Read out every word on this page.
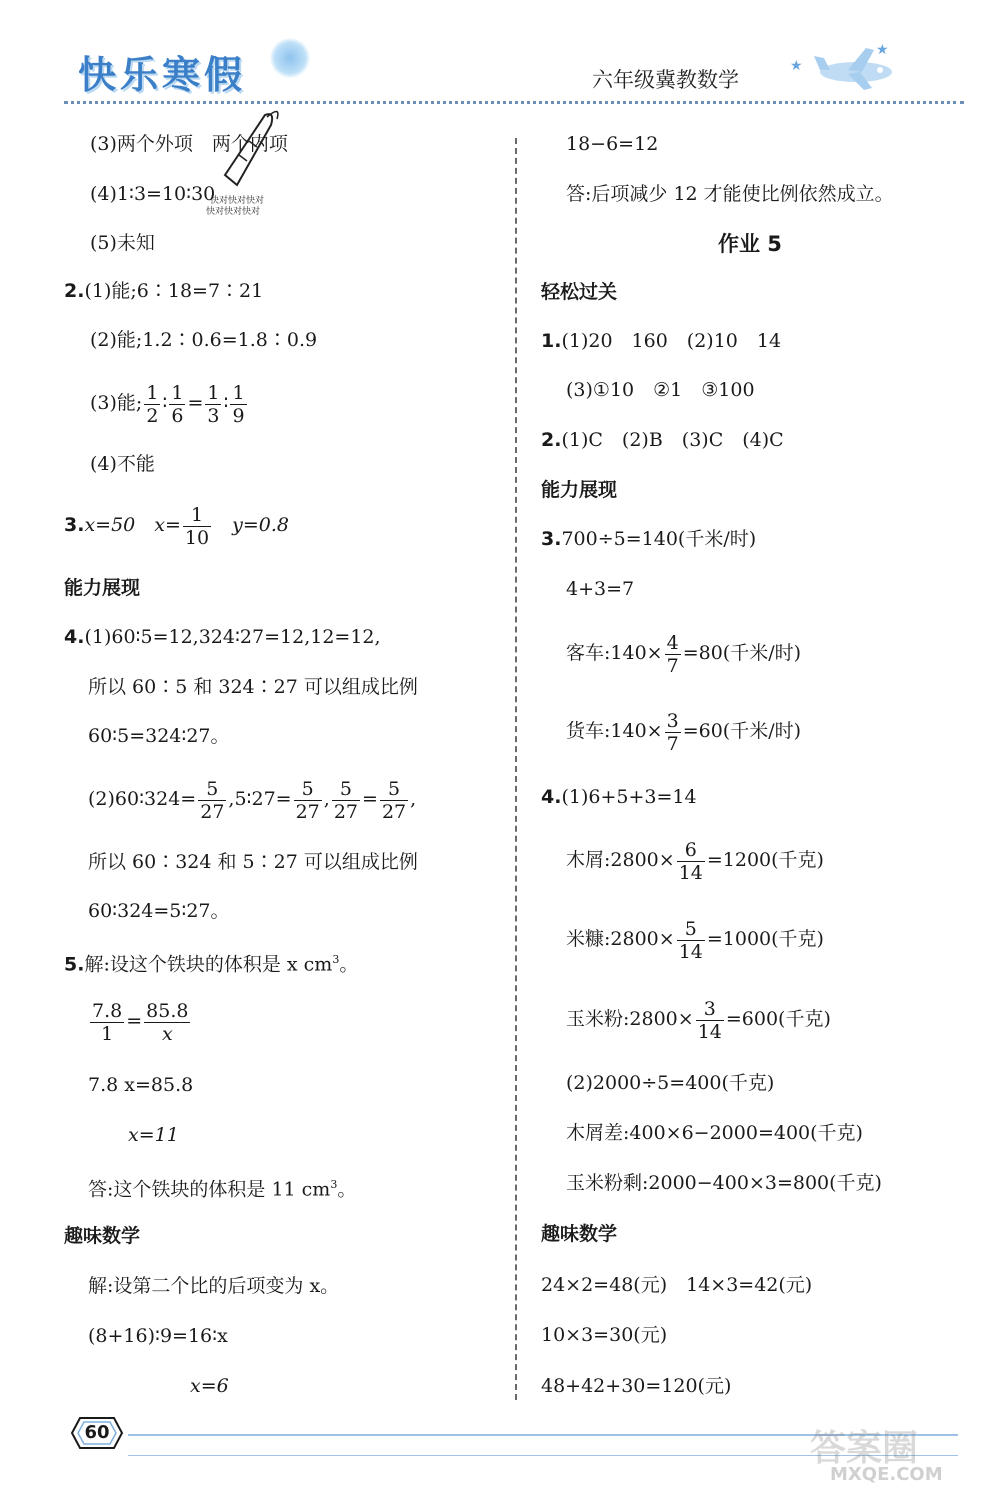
快乐寒假	六年级冀教数学
★
★
快对快对快对
快对快对快对
(3)两个外项　两个内项
(4)1∶3=10∶30
(5)未知
2.(1)能;6∶18=7∶21
(2)能;1.2∶0.6=1.8∶0.9
(3)能; $\frac{1}{2}$ ∶ $\frac{1}{6} = \frac{1}{3}$ ∶ $\frac{1}{9}$
(4)不能
3.x=50　$x= \frac{1}{10}$
　 y=0.8
能力展现
4.(1)60∶5=12,324∶27=12,12=12,
所以 60∶5 和 324∶27 可以组成比例
60∶5=324∶27。
(2)60∶324= $\frac{5}{27}$ ,5∶27= $\frac{5}{27}$ , $\frac{5}{27} = \frac{5}{27}$ ,
所以 60∶324 和 5∶27 可以组成比例
60∶324=5∶27。
5.解:设这个铁块的体积是 x $cm^3$。
$\frac{7.8}{1} = \frac{85.8}{x}$
7.8 x=85.8
x=11
答:这个铁块的体积是 11 $cm^3$。
趣味数学
解:设第二个比的后项变为 x。
(8+16)∶9=16∶x
x=6
18−6=12
答:后项减少 12 才能使比例依然成立。
作业 5
轻松过关
1.(1)20　160　(2)10　14
(3)①10　②1　③100
2.(1)C　(2)B　(3)C　(4)C
能力展现
3.700÷5=140(千米/时)
4+3=7
客车:140× $\frac{4}{7} =80$(千米/时)
货车:140× $\frac{3}{7} =60$(千米/时)
4.(1)6+5+3=14
木屑:2800× $\frac{6}{14} =1200$(千克)
米糠:2800× $\frac{5}{14} =1000$(千克)
玉米粉:2800× $\frac{3}{14} =600$(千克)
(2)2000÷5=400(千克)
木屑差:400×6−2000=400(千克)
玉米粉剩:2000−400×3=800(千克)
趣味数学
24×2=48(元)　14×3=42(元)
10×3=30(元)
48+42+30=120(元)
60	答案圈
MXQE.COM
